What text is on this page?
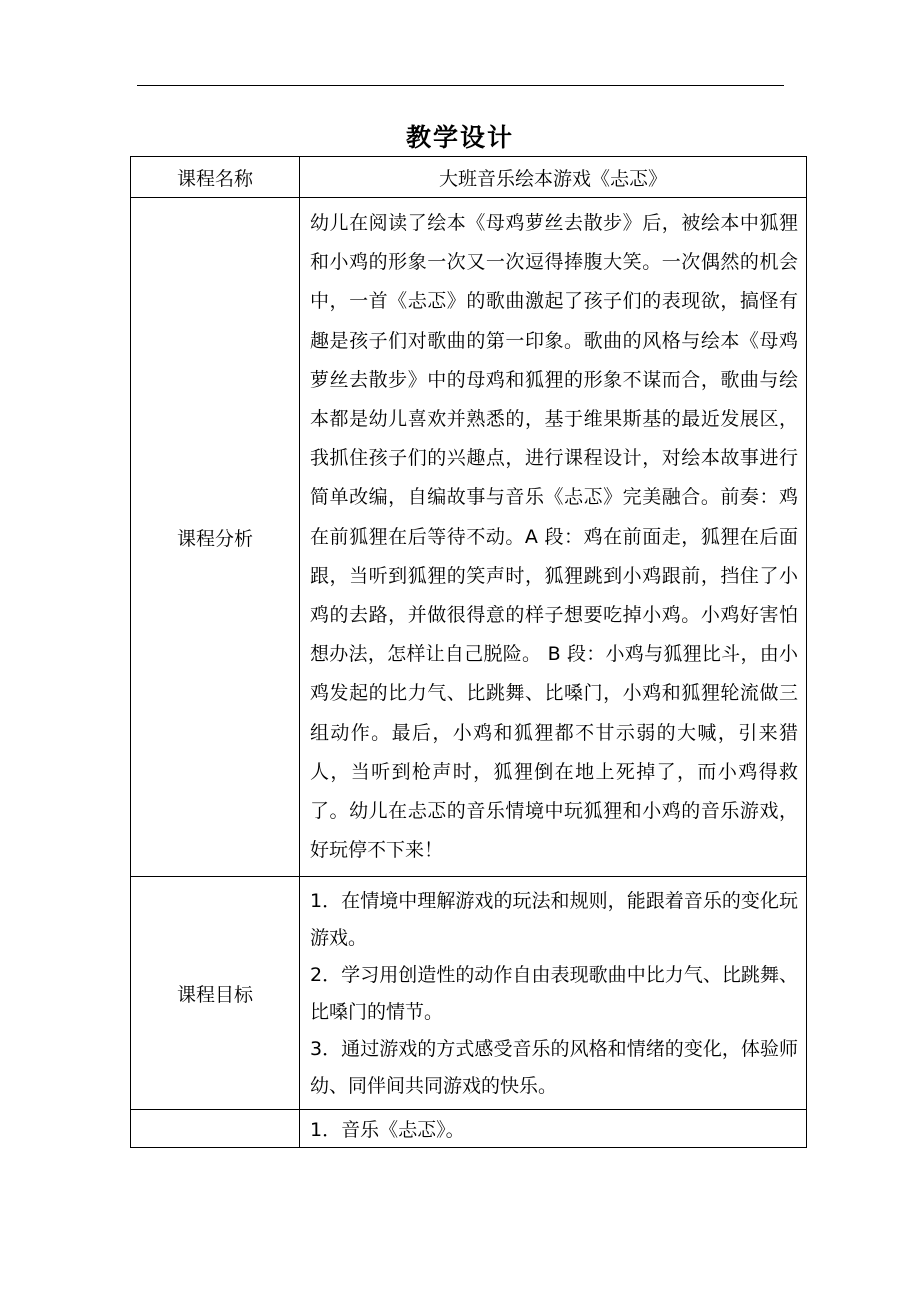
教学设计
课程名称	大班音乐绘本游戏《忐忑》
课程分析	幼儿在阅读了绘本《母鸡萝丝去散步》后，被绘本中狐狸和小鸡的形象一次又一次逗得捧腹大笑。一次偶然的机会中，一首《忐忑》的歌曲激起了孩子们的表现欲，搞怪有趣是孩子们对歌曲的第一印象。歌曲的风格与绘本《母鸡萝丝去散步》中的母鸡和狐狸的形象不谋而合，歌曲与绘本都是幼儿喜欢并熟悉的，基于维果斯基的最近发展区，我抓住孩子们的兴趣点，进行课程设计，对绘本故事进行简单改编，自编故事与音乐《忐忑》完美融合。前奏：鸡在前狐狸在后等待不动。A 段：鸡在前面走，狐狸在后面跟，当听到狐狸的笑声时，狐狸跳到小鸡跟前，挡住了小鸡的去路，并做很得意的样子想要吃掉小鸡。小鸡好害怕想办法，怎样让自己脱险。 B 段：小鸡与狐狸比斗，由小鸡发起的比力气、比跳舞、比嗓门，小鸡和狐狸轮流做三组动作。最后，小鸡和狐狸都不甘示弱的大喊，引来猎人，当听到枪声时，狐狸倒在地上死掉了，而小鸡得救了。幼儿在忐忑的音乐情境中玩狐狸和小鸡的音乐游戏，好玩停不下来！

课程目标	1．在情境中理解游戏的玩法和规则，能跟着音乐的变化玩游戏。
2．学习用创造性的动作自由表现歌曲中比力气、比跳舞、比嗓门的情节。
3．通过游戏的方式感受音乐的风格和情绪的变化，体验师幼、同伴间共同游戏的快乐。

	1．音乐《忐忑》。
